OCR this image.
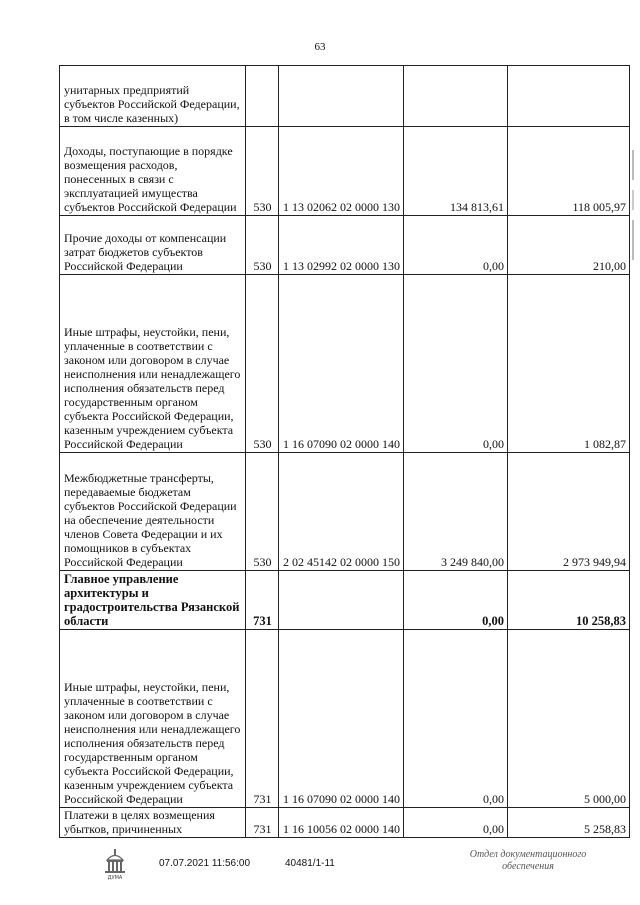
63
унитарных предприятий субъектов Российской Федерации, в том числе казенных)				
Доходы, поступающие в порядке возмещения расходов, понесенных в связи с эксплуатацией имущества субъектов Российской Федерации	530	1 13 02062 02 0000 130	134 813,61	118 005,97
Прочие доходы от компенсации затрат бюджетов субъектов Российской Федерации	530	1 13 02992 02 0000 130	0,00	210,00
Иные штрафы, неустойки, пени, уплаченные в соответствии с законом или договором в случае неисполнения или ненадлежащего исполнения обязательств перед государственным органом субъекта Российской Федерации, казенным учреждением субъекта Российской Федерации	530	1 16 07090 02 0000 140	0,00	1 082,87
Межбюджетные трансферты, передаваемые бюджетам субъектов Российской Федерации на обеспечение деятельности членов Совета Федерации и их помощников в субъектах Российской Федерации	530	2 02 45142 02 0000 150	3 249 840,00	2 973 949,94
Главное управление архитектуры и градостроительства Рязанской области	731		0,00	10 258,83
Иные штрафы, неустойки, пени, уплаченные в соответствии с законом или договором в случае неисполнения или ненадлежащего исполнения обязательств перед государственным органом субъекта Российской Федерации, казенным учреждением субъекта Российской Федерации	731	1 16 07090 02 0000 140	0,00	5 000,00
Платежи в целях возмещения убытков, причиненных	731	1 16 10056 02 0000 140	0,00	5 258,83
ДУМА
07.07.2021 11:56:00	40481/1-11
Отдел документационного
обеспечения
